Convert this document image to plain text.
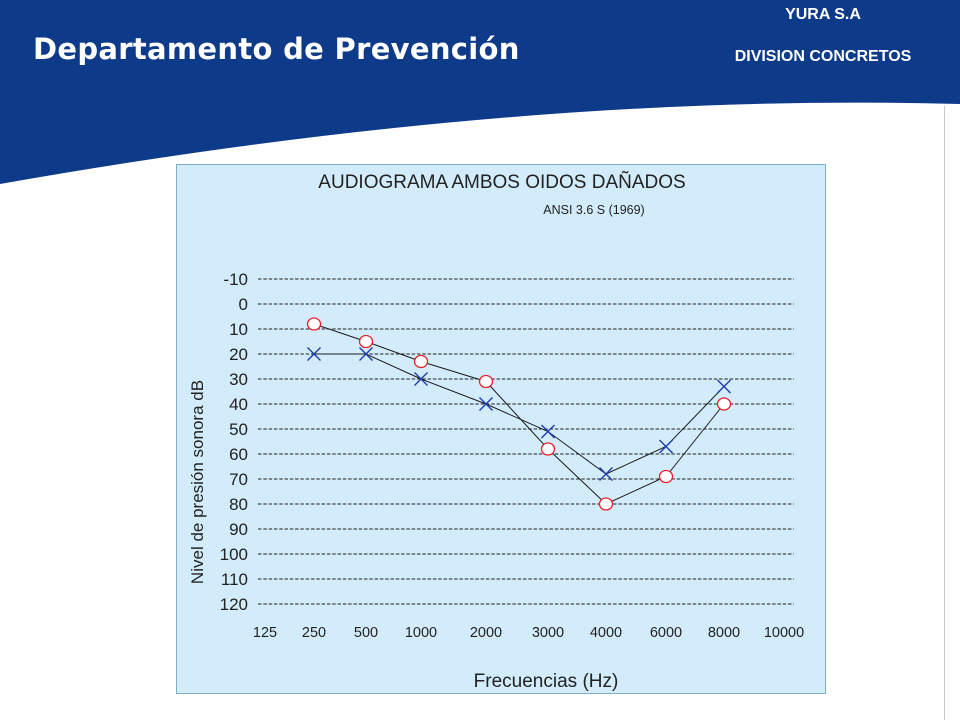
Departamento de Prevención
YURA S.A
DIVISION CONCRETOS
AUDIOGRAMA AMBOS OIDOS DAÑADOS
ANSI 3.6 S (1969)
Nivel de presión sonora dB
Frecuencias (Hz)
-10
0
10
20
30
40
50
60
70
80
90
100
110
120
125 250 500 1000 2000 3000 4000 6000 8000 10000
